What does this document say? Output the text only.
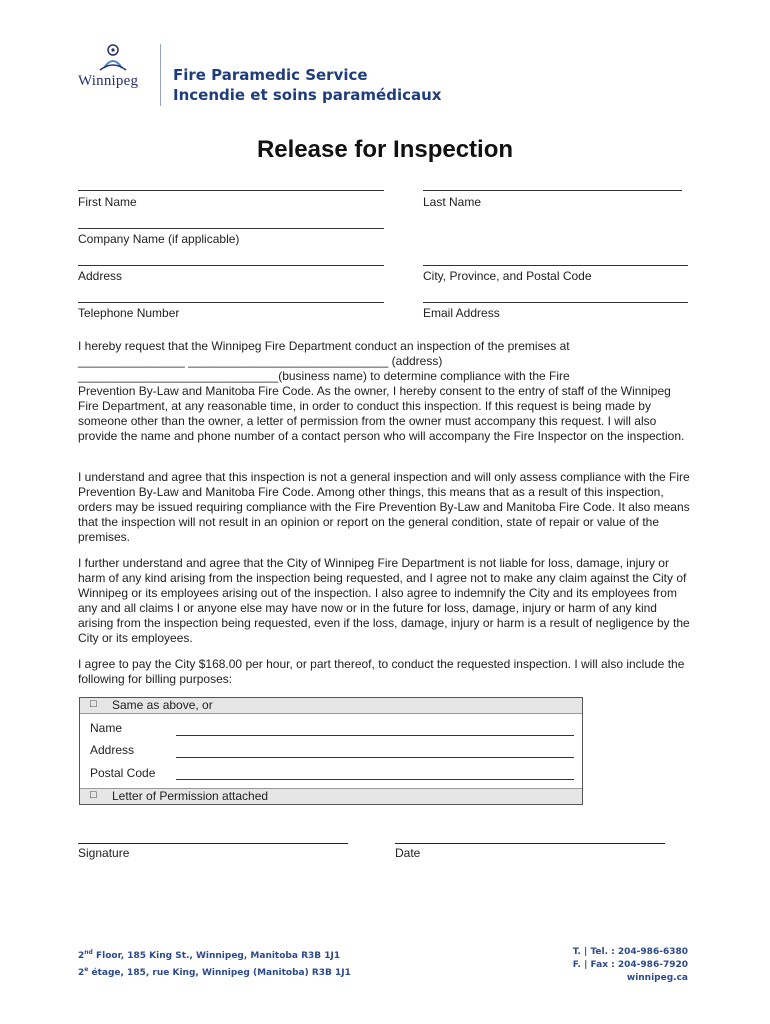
Winnipeg Fire Paramedic Service
Incendie et soins paramédicaux
Release for Inspection
First Name	Last Name
Company Name (if applicable)
Address	City, Province, and Postal Code
Telephone Number	Email Address

I hereby request that the Winnipeg Fire Department conduct an inspection of the premises at

________________ ______________________________ (address)

______________________________(business name) to determine compliance with the Fire

Prevention By-Law and Manitoba Fire Code. As the owner, I hereby consent to the entry of staff of the Winnipeg Fire Department, at any reasonable time, in order to conduct this inspection. If this request is being made by someone other than the owner, a letter of permission from the owner must accompany this request. I will also provide the name and phone number of a contact person who will accompany the Fire Inspector on the inspection.

I understand and agree that this inspection is not a general inspection and will only assess compliance with the Fire Prevention By-Law and Manitoba Fire Code. Among other things, this means that as a result of this inspection, orders may be issued requiring compliance with the Fire Prevention By-Law and Manitoba Fire Code. It also means that the inspection will not result in an opinion or report on the general condition, state of repair or value of the premises.
I further understand and agree that the City of Winnipeg Fire Department is not liable for loss, damage, injury or harm of any kind arising from the inspection being requested, and I agree not to make any claim against the City of Winnipeg or its employees arising out of the inspection. I also agree to indemnify the City and its employees from any and all claims I or anyone else may have now or in the future for loss, damage, injury or harm of any kind arising from the inspection being requested, even if the loss, damage, injury or harm is a result of negligence by the City or its employees.
I agree to pay the City $168.00 per hour, or part thereof, to conduct the requested inspection. I will also include the following for billing purposes:
□ Same as above, or
Name
Address
Postal Code
□ Letter of Permission attached
Signature	Date
2nd Floor, 185 King St., Winnipeg, Manitoba R3B 1J1
2e étage, 185, rue King, Winnipeg (Manitoba) R3B 1J1
T. | Tel. : 204-986-6380
F. | Fax : 204-986-7920
winnipeg.ca
